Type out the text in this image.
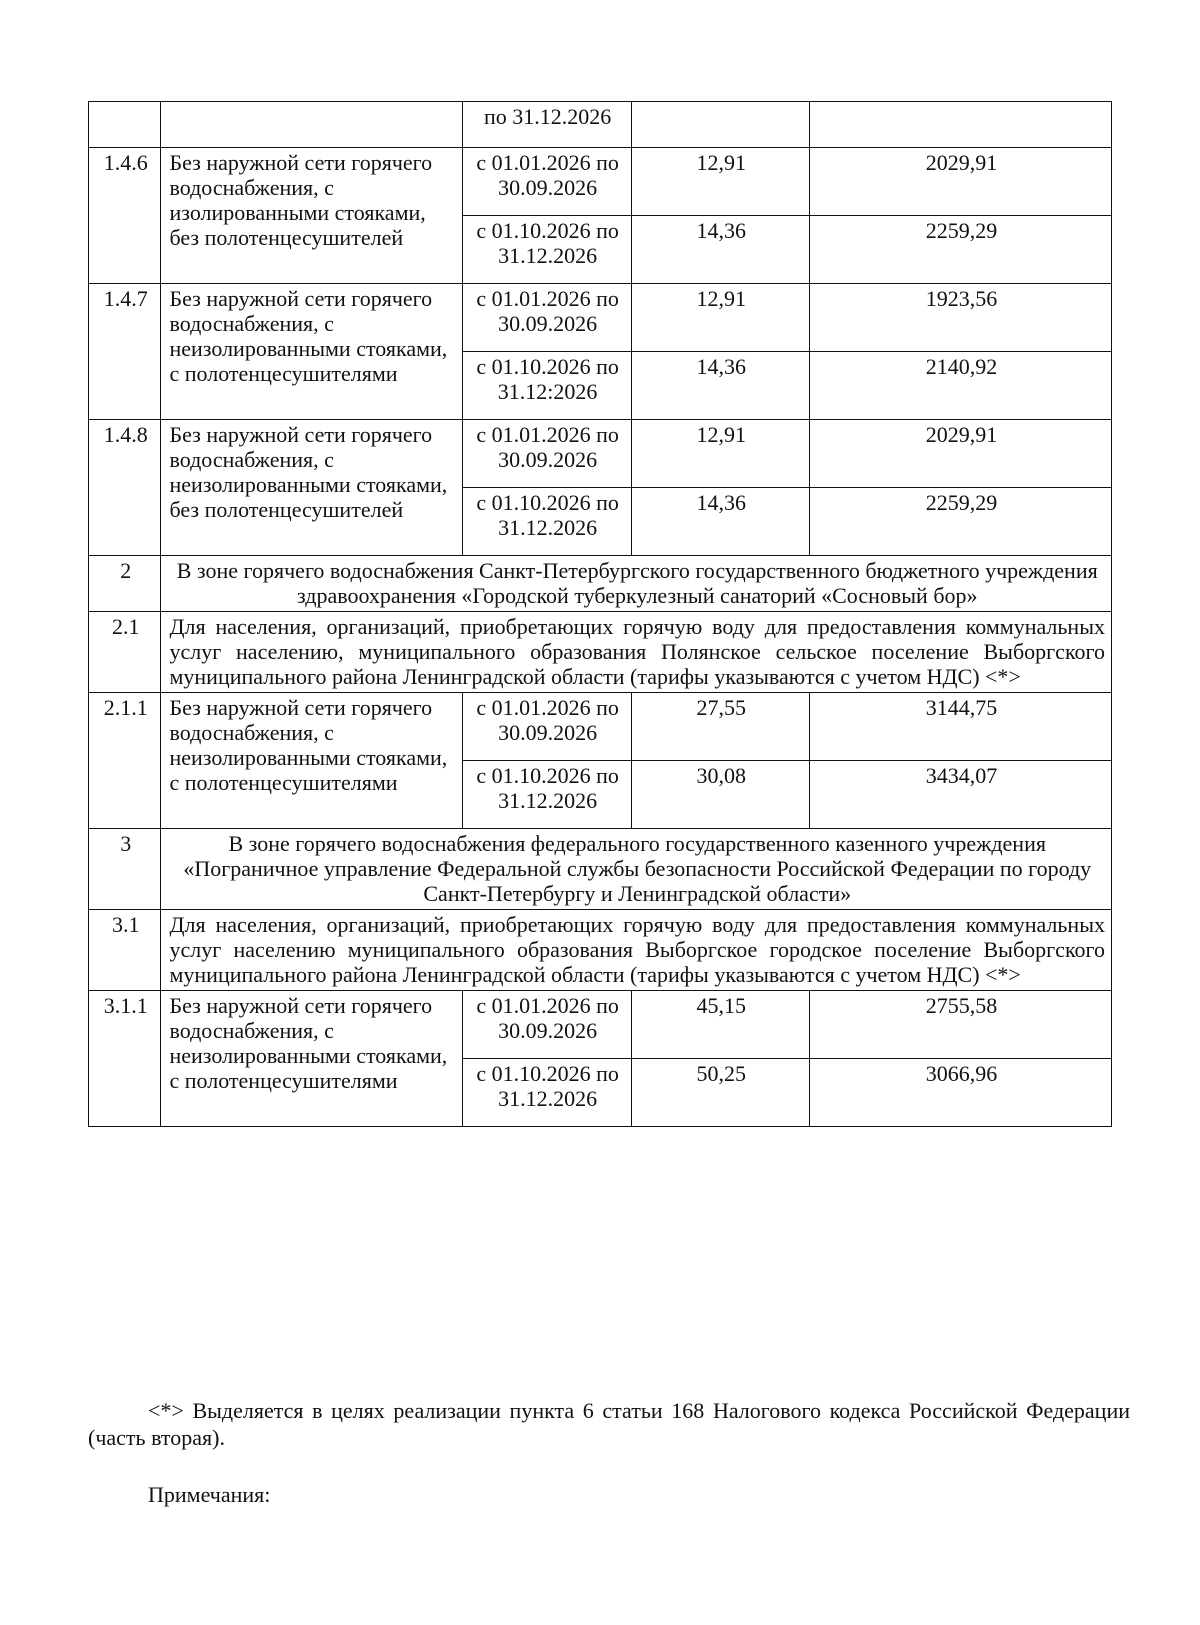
		по 31.12.2026		
1.4.6	Без наружной сети горячего водоснабжения, с изолированными стояками, без полотенцесушителей	с 01.01.2026 по 30.09.2026	12,91	2029,91
		с 01.10.2026 по 31.12.2026	14,36	2259,29
1.4.7	Без наружной сети горячего водоснабжения, с неизолированными стояками, с полотенцесушителями	с 01.01.2026 по 30.09.2026	12,91	1923,56
		с 01.10.2026 по 31.12:2026	14,36	2140,92
1.4.8	Без наружной сети горячего водоснабжения, с неизолированными стояками, без полотенцесушителей	с 01.01.2026 по 30.09.2026	12,91	2029,91
		с 01.10.2026 по 31.12.2026	14,36	2259,29
2	В зоне горячего водоснабжения Санкт-Петербургского государственного бюджетного учреждения здравоохранения «Городской туберкулезный санаторий «Сосновый бор»			
2.1	Для населения, организаций, приобретающих горячую воду для предоставления коммунальных услуг населению, муниципального образования Полянское сельское поселение Выборгского муниципального района Ленинградской области (тарифы указываются с учетом НДС) <*>			
2.1.1	Без наружной сети горячего водоснабжения, с неизолированными стояками, с полотенцесушителями	с 01.01.2026 по 30.09.2026	27,55	3144,75
		с 01.10.2026 по 31.12.2026	30,08	3434,07
3	В зоне горячего водоснабжения федерального государственного казенного учреждения «Пограничное управление Федеральной службы безопасности Российской Федерации по городу Санкт-Петербургу и Ленинградской области»			
3.1	Для населения, организаций, приобретающих горячую воду для предоставления коммунальных услуг населению муниципального образования Выборгское городское поселение Выборгского муниципального района Ленинградской области (тарифы указываются с учетом НДС) <*>			
3.1.1	Без наружной сети горячего водоснабжения, с неизолированными стояками, с полотенцесушителями	с 01.01.2026 по 30.09.2026	45,15	2755,58
		с 01.10.2026 по 31.12.2026	50,25	3066,96

<*> Выделяется в целях реализации пункта 6 статьи 168 Налогового кодекса Российской Федерации (часть вторая).

Примечания:
